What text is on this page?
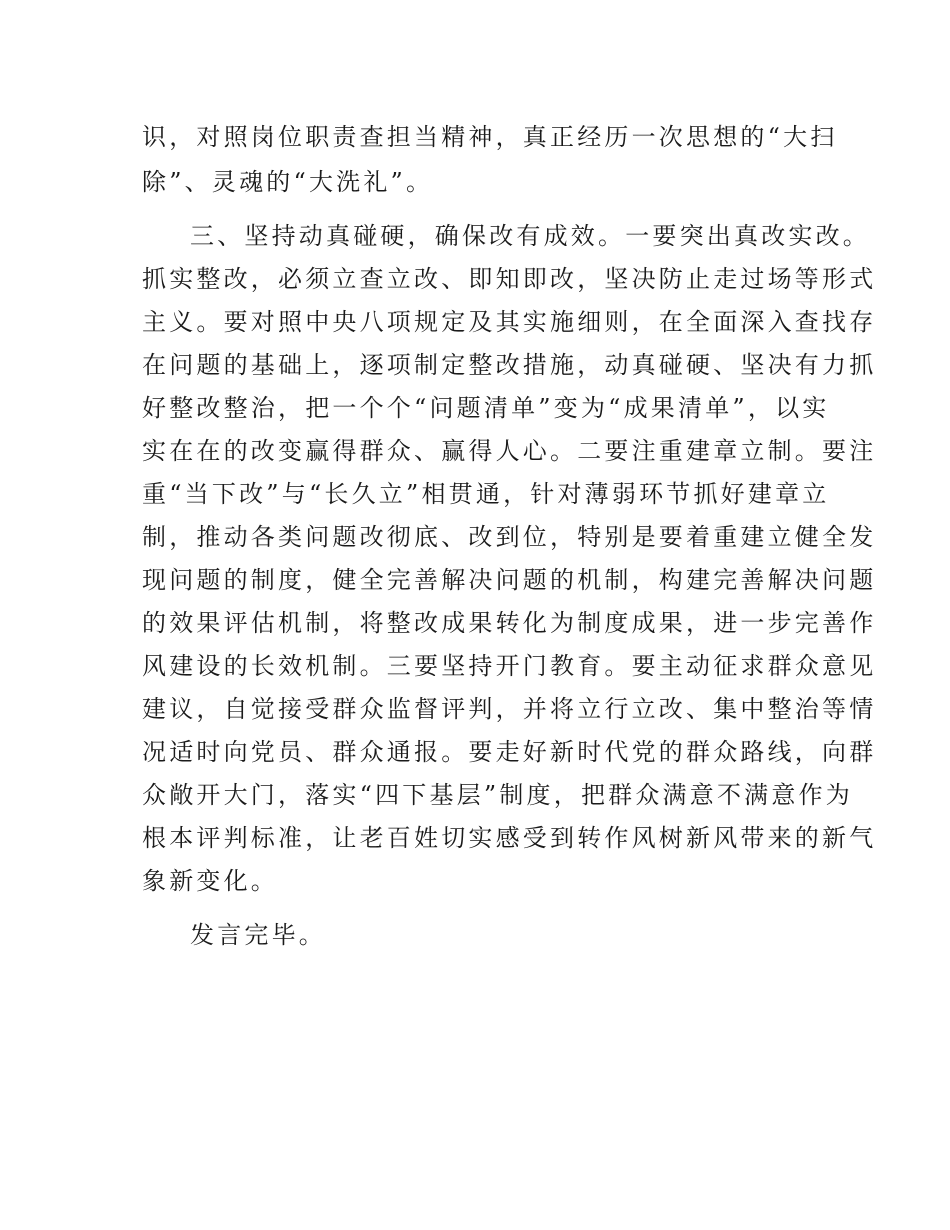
识，对照岗位职责查担当精神，真正经历一次思想的“大扫
除”、灵魂的“大洗礼”。
三、坚持动真碰硬，确保改有成效。一要突出真改实改。
抓实整改，必须立查立改、即知即改，坚决防止走过场等形式
主义。要对照中央八项规定及其实施细则，在全面深入查找存
在问题的基础上，逐项制定整改措施，动真碰硬、坚决有力抓
好整改整治，把一个个“问题清单”变为“成果清单”，以实
实在在的改变赢得群众、赢得人心。二要注重建章立制。要注
重“当下改”与“长久立”相贯通，针对薄弱环节抓好建章立
制，推动各类问题改彻底、改到位，特别是要着重建立健全发
现问题的制度，健全完善解决问题的机制，构建完善解决问题
的效果评估机制，将整改成果转化为制度成果，进一步完善作
风建设的长效机制。三要坚持开门教育。要主动征求群众意见
建议，自觉接受群众监督评判，并将立行立改、集中整治等情
况适时向党员、群众通报。要走好新时代党的群众路线，向群
众敞开大门，落实“四下基层”制度，把群众满意不满意作为
根本评判标准，让老百姓切实感受到转作风树新风带来的新气
象新变化。
发言完毕。
